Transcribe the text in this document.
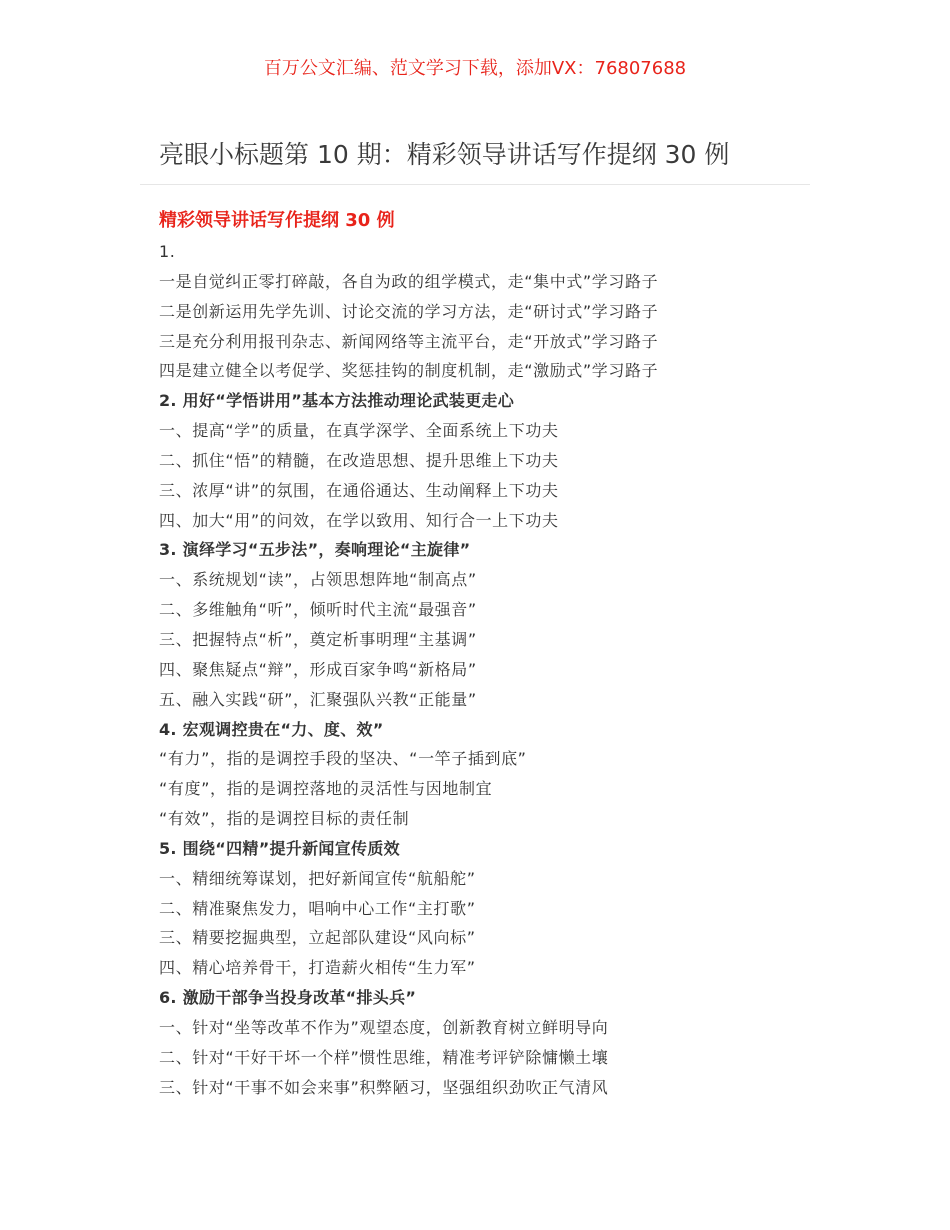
百万公文汇编、范文学习下载，添加VX：76807688
亮眼小标题第 10 期：精彩领导讲话写作提纲 30 例
精彩领导讲话写作提纲 30 例
1.
一是自觉纠正零打碎敲，各自为政的组学模式，走“集中式”学习路子
二是创新运用先学先训、讨论交流的学习方法，走“研讨式”学习路子
三是充分利用报刊杂志、新闻网络等主流平台，走“开放式”学习路子
四是建立健全以考促学、奖惩挂钩的制度机制，走“激励式”学习路子
2. 用好“学悟讲用”基本方法推动理论武装更走心
一、提高“学”的质量，在真学深学、全面系统上下功夫
二、抓住“悟”的精髓，在改造思想、提升思维上下功夫
三、浓厚“讲”的氛围，在通俗通达、生动阐释上下功夫
四、加大“用”的问效，在学以致用、知行合一上下功夫
3. 演绎学习“五步法”，奏响理论“主旋律”
一、系统规划“读”，占领思想阵地“制高点”
二、多维触角“听”，倾听时代主流“最强音”
三、把握特点“析”，奠定析事明理“主基调”
四、聚焦疑点“辩”，形成百家争鸣“新格局”
五、融入实践“研”，汇聚强队兴教“正能量”
4. 宏观调控贵在“力、度、效”
“有力”，指的是调控手段的坚决、“一竿子插到底”
“有度”，指的是调控落地的灵活性与因地制宜
“有效”，指的是调控目标的责任制
5. 围绕“四精”提升新闻宣传质效
一、精细统筹谋划，把好新闻宣传“航船舵”
二、精准聚焦发力，唱响中心工作“主打歌”
三、精要挖掘典型，立起部队建设“风向标”
四、精心培养骨干，打造薪火相传“生力军”
6. 激励干部争当投身改革“排头兵”
一、针对“坐等改革不作为”观望态度，创新教育树立鲜明导向
二、针对“干好干坏一个样”惯性思维，精准考评铲除慵懒土壤
三、针对“干事不如会来事”积弊陋习，坚强组织劲吹正气清风
